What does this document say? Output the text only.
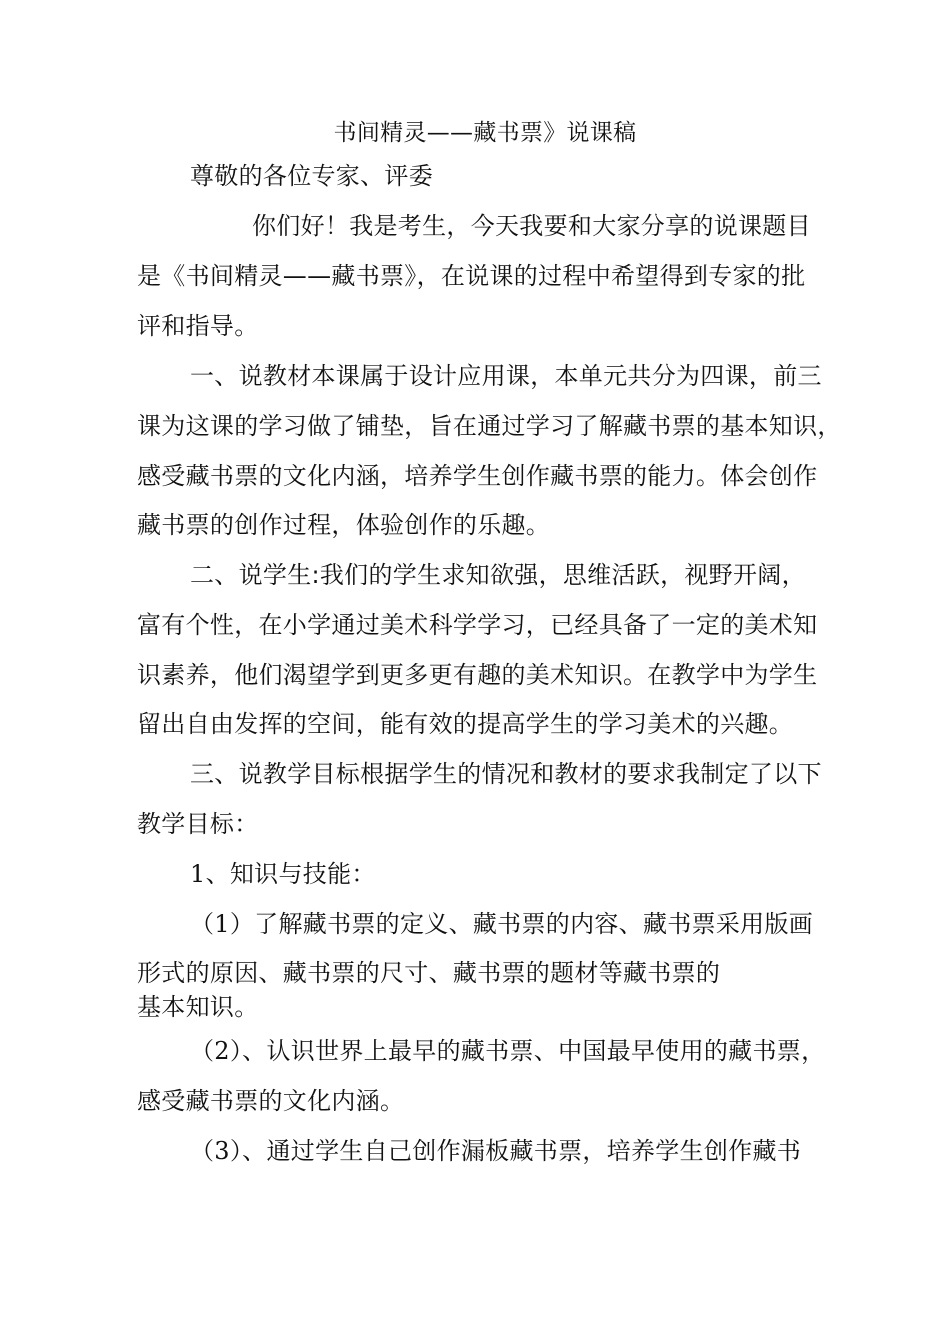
书间精灵——藏书票》说课稿
尊敬的各位专家、评委
你们好！我是考生，今天我要和大家分享的说课题目
是《书间精灵——藏书票》，在说课的过程中希望得到专家的批
评和指导。
一、说教材本课属于设计应用课，本单元共分为四课，前三
课为这课的学习做了铺垫，旨在通过学习了解藏书票的基本知识，
感受藏书票的文化内涵，培养学生创作藏书票的能力。体会创作
藏书票的创作过程，体验创作的乐趣。
二、说学生:我们的学生求知欲强，思维活跃，视野开阔，
富有个性，在小学通过美术科学学习，已经具备了一定的美术知
识素养，他们渴望学到更多更有趣的美术知识。在教学中为学生
留出自由发挥的空间，能有效的提高学生的学习美术的兴趣。
三、说教学目标根据学生的情况和教材的要求我制定了以下
教学目标：
1、知识与技能：
（1）了解藏书票的定义、藏书票的内容、藏书票采用版画
形式的原因、藏书票的尺寸、藏书票的题材等藏书票的
基本知识。
（2）、认识世界上最早的藏书票、中国最早使用的藏书票，
感受藏书票的文化内涵。
（3）、通过学生自己创作漏板藏书票，培养学生创作藏书
